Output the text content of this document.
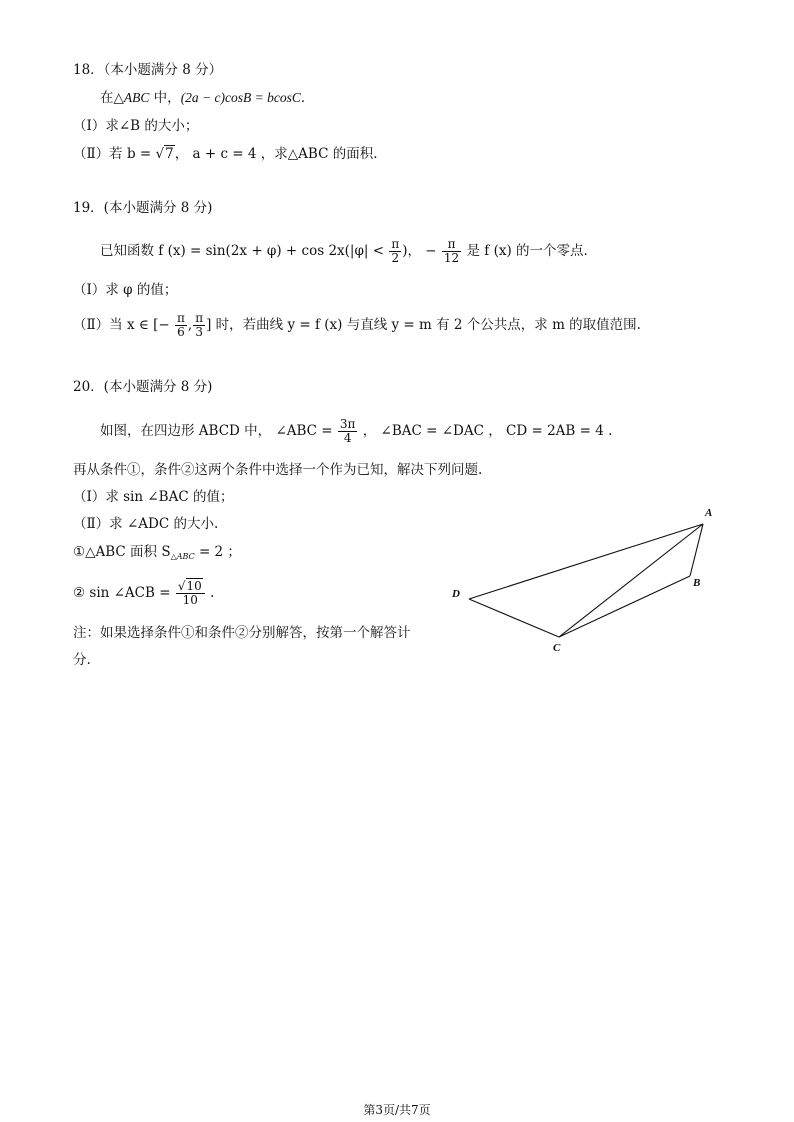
18．（本小题满分 8 分）
在△ABC 中，(2a − c)cosB = bcosC．
（Ⅰ）求∠B 的大小；
（Ⅱ）若 b = √7， a + c = 4 ，求△ABC 的面积.
19．(本小题满分 8 分)
已知函数 f $(x) = \sin(2x + \varphi) + \cos 2x(|\varphi| < \frac{\pi}{2}$ )， − $\frac{\pi}{12}$ 是 f (x) 的一个零点.
（Ⅰ）求 φ 的值；
（Ⅱ）当 x ∈ [− $\frac{\pi}{6}$ , $\frac{\pi}{3}$ ] 时，若曲线 y = f (x) 与直线 y = m 有 2 个公共点，求 m 的取值范围.
20．(本小题满分 8 分)
如图，在四边形 ABCD 中， ∠ABC = $\frac{3\pi}{4}$ ， ∠BAC = ∠DAC ， CD = 2AB = 4 .
再从条件①，条件②这两个条件中选择一个作为已知，解决下列问题.
（Ⅰ）求 sin ∠BAC 的值；
（Ⅱ）求 ∠ADC 的大小.
①△ABC 面积 $S_{\triangle ABC} = 2$ ；
② sin ∠ACB = $\frac{√10}{10}$ .
注：如果选择条件①和条件②分别解答，按第一个解答计
分.
A
B
C
D
第3页/共7页
